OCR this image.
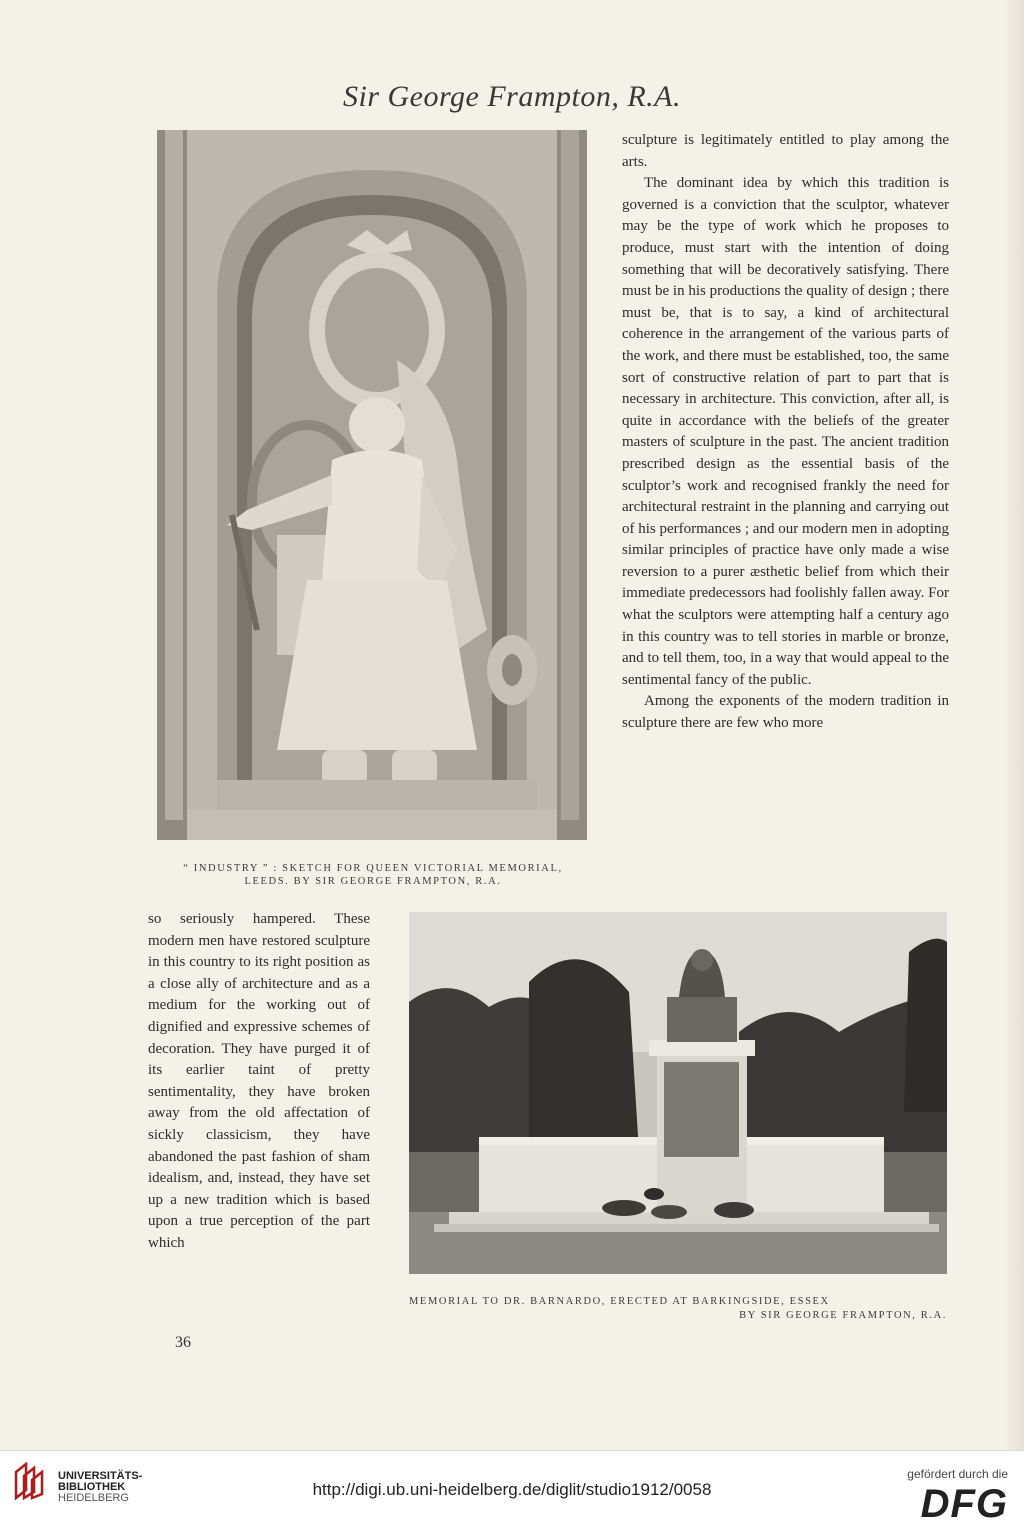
Sir George Frampton, R.A.
“ INDUSTRY ” : SKETCH FOR QUEEN VICTORIAL MEMORIAL,
LEEDS. BY SIR GEORGE FRAMPTON, R.A.

sculpture is legitimately entitled to play among the arts.

The dominant idea by which this tradition is governed is a conviction that the sculptor, whatever may be the type of work which he proposes to produce, must start with the intention of doing something that will be decoratively satisfying. There must be in his productions the quality of design ; there must be, that is to say, a kind of architectural coherence in the arrangement of the various parts of the work, and there must be established, too, the same sort of constructive relation of part to part that is necessary in architecture. This conviction, after all, is quite in accordance with the beliefs of the greater masters of sculpture in the past. The ancient tradition prescribed design as the essential basis of the sculptor’s work and recognised frankly the need for architectural restraint in the planning and carrying out of his performances ; and our modern men in adopting similar principles of practice have only made a wise reversion to a purer æsthetic belief from which their immediate predecessors had foolishly fallen away. For what the sculptors were attempting half a century ago in this country was to tell stories in marble or bronze, and to tell them, too, in a way that would appeal to the sentimental fancy of the public.

Among the exponents of the modern tradition in sculpture there are few who more

so seriously hampered. These modern men have restored sculpture in this country to its right position as a close ally of architecture and as a medium for the working out of dignified and expressive schemes of decoration. They have purged it of its earlier taint of pretty sentimentality, they have broken away from the old affectation of sickly classicism, they have abandoned the past fashion of sham idealism, and, instead, they have set up a new tradition which is based upon a true perception of the part which

MEMORIAL TO DR. BARNARDO, ERECTED AT BARKINGSIDE, ESSEX
BY SIR GEORGE FRAMPTON, R.A.
36
UNIVERSITÄTS-
BIBLIOTHEK
HEIDELBERG	http://digi.ub.uni-heidelberg.de/diglit/studio1912/0058
gefördert durch die
DFG
